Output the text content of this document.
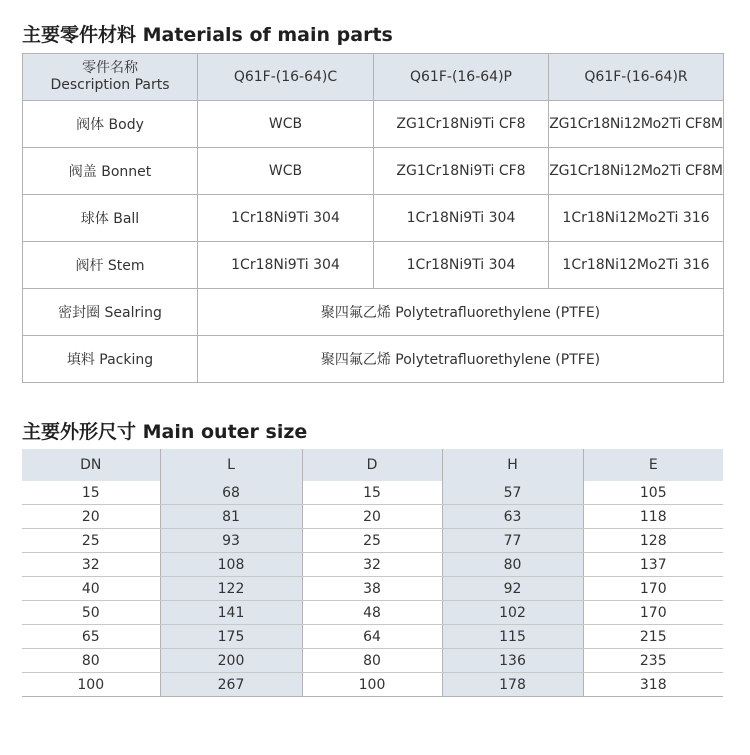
主要零件材料 Materials of main parts
零件名称
Description Parts	Q61F-(16-64)C	Q61F-(16-64)P	Q61F-(16-64)R
阀体 Body	WCB	ZG1Cr18Ni9Ti CF8	ZG1Cr18Ni12Mo2Ti CF8M
阀盖 Bonnet	WCB	ZG1Cr18Ni9Ti CF8	ZG1Cr18Ni12Mo2Ti CF8M
球体 Ball	1Cr18Ni9Ti 304	1Cr18Ni9Ti 304	1Cr18Ni12Mo2Ti 316
阀杆 Stem	1Cr18Ni9Ti 304	1Cr18Ni9Ti 304	1Cr18Ni12Mo2Ti 316
密封圈 Sealring	聚四氟乙烯 Polytetrafluorethylene (PTFE)		
填料 Packing	聚四氟乙烯 Polytetrafluorethylene (PTFE)		
主要外形尺寸 Main outer size
DN	L	D	H	E
15	68	15	57	105
20	81	20	63	118
25	93	25	77	128
32	108	32	80	137
40	122	38	92	170
50	141	48	102	170
65	175	64	115	215
80	200	80	136	235
100	267	100	178	318
